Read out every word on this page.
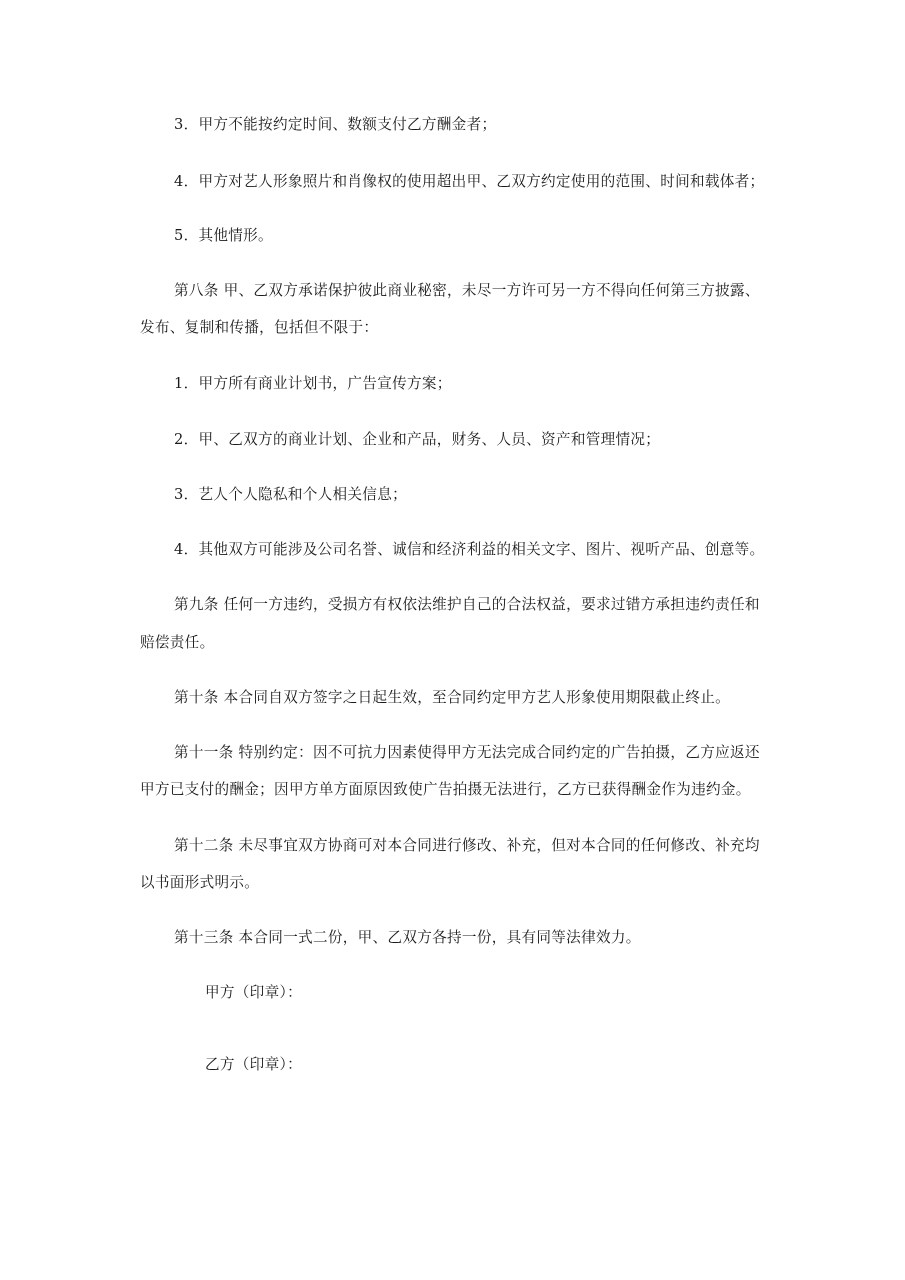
3．甲方不能按约定时间、数额支付乙方酬金者；
4．甲方对艺人形象照片和肖像权的使用超出甲、乙双方约定使用的范围、时间和载体者；
5．其他情形。
第八条 甲、乙双方承诺保护彼此商业秘密，未尽一方许可另一方不得向任何第三方披露、
发布、复制和传播，包括但不限于：
1．甲方所有商业计划书，广告宣传方案；
2．甲、乙双方的商业计划、企业和产品，财务、人员、资产和管理情况；
3．艺人个人隐私和个人相关信息；
4．其他双方可能涉及公司名誉、诚信和经济利益的相关文字、图片、视听产品、创意等。
第九条 任何一方违约，受损方有权依法维护自己的合法权益，要求过错方承担违约责任和
赔偿责任。
第十条 本合同自双方签字之日起生效，至合同约定甲方艺人形象使用期限截止终止。
第十一条 特别约定：因不可抗力因素使得甲方无法完成合同约定的广告拍摄，乙方应返还
甲方已支付的酬金；因甲方单方面原因致使广告拍摄无法进行，乙方已获得酬金作为违约金。
第十二条 未尽事宜双方协商可对本合同进行修改、补充，但对本合同的任何修改、补充均
以书面形式明示。
第十三条 本合同一式二份，甲、乙双方各持一份，具有同等法律效力。
甲方（印章）：
乙方（印章）：
